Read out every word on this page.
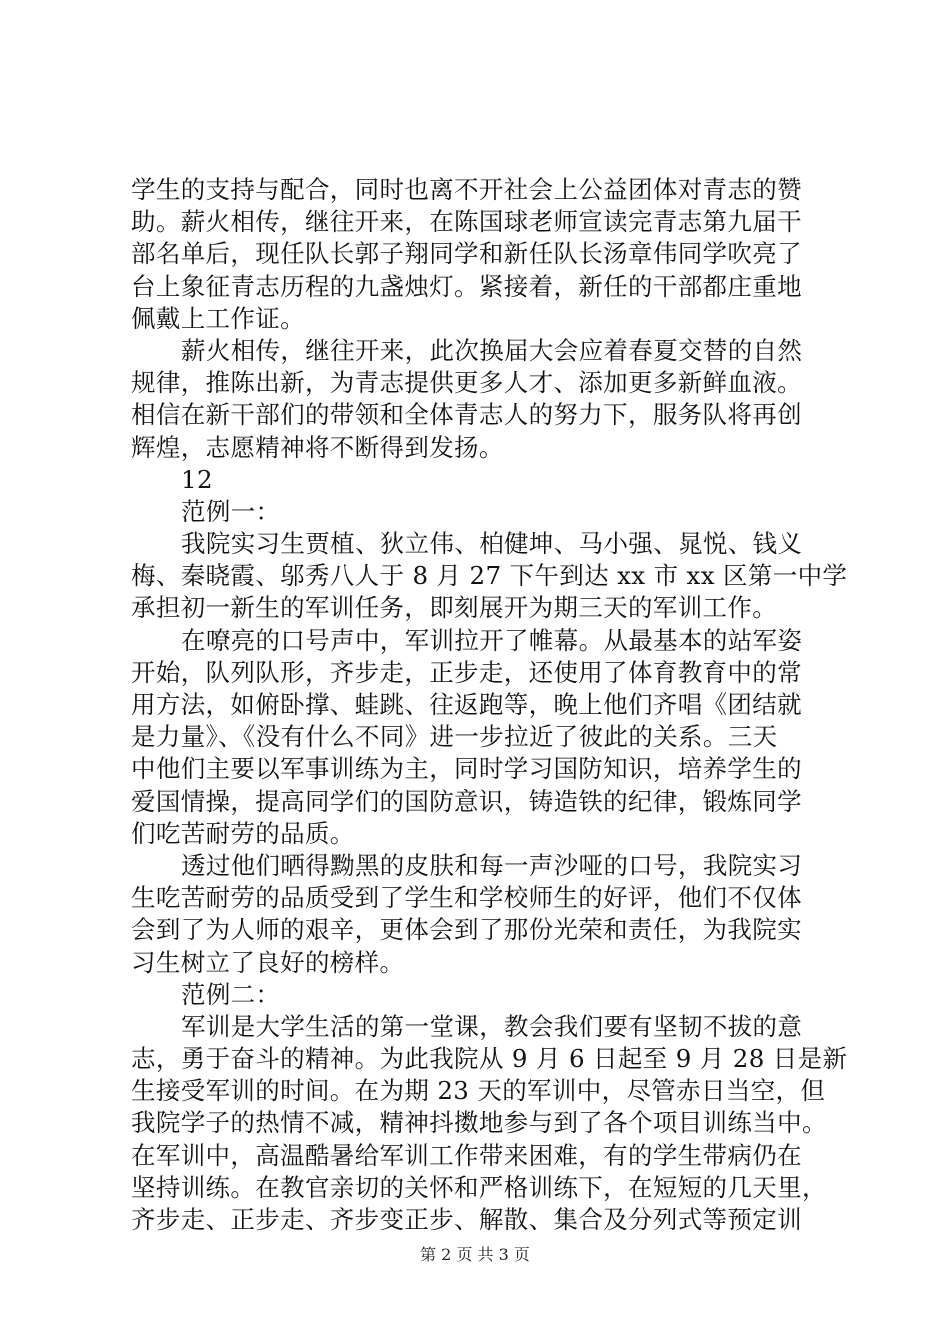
学生的支持与配合，同时也离不开社会上公益团体对青志的赞
助。薪火相传，继往开来，在陈国球老师宣读完青志第九届干
部名单后，现任队长郭子翔同学和新任队长汤章伟同学吹亮了
台上象征青志历程的九盏烛灯。紧接着，新任的干部都庄重地
佩戴上工作证。
薪火相传，继往开来，此次换届大会应着春夏交替的自然
规律，推陈出新，为青志提供更多人才、添加更多新鲜血液。
相信在新干部们的带领和全体青志人的努力下，服务队将再创
辉煌，志愿精神将不断得到发扬。
12
范例一：
我院实习生贾植、狄立伟、柏健坤、马小强、晁悦、钱义
梅、秦晓霞、邬秀八人于 8 月 27 下午到达 xx 市 xx 区第一中学
承担初一新生的军训任务，即刻展开为期三天的军训工作。
在嘹亮的口号声中，军训拉开了帷幕。从最基本的站军姿
开始，队列队形，齐步走，正步走，还使用了体育教育中的常
用方法，如俯卧撑、蛙跳、往返跑等，晚上他们齐唱《团结就
是力量》、《没有什么不同》进一步拉近了彼此的关系。三天
中他们主要以军事训练为主，同时学习国防知识，培养学生的
爱国情操，提高同学们的国防意识，铸造铁的纪律，锻炼同学
们吃苦耐劳的品质。
透过他们晒得黝黑的皮肤和每一声沙哑的口号，我院实习
生吃苦耐劳的品质受到了学生和学校师生的好评，他们不仅体
会到了为人师的艰辛，更体会到了那份光荣和责任，为我院实
习生树立了良好的榜样。
范例二：
军训是大学生活的第一堂课，教会我们要有坚韧不拔的意
志，勇于奋斗的精神。为此我院从 9 月 6 日起至 9 月 28 日是新
生接受军训的时间。在为期 23 天的军训中，尽管赤日当空，但
我院学子的热情不减，精神抖擞地参与到了各个项目训练当中。
在军训中，高温酷暑给军训工作带来困难，有的学生带病仍在
坚持训练。在教官亲切的关怀和严格训练下，在短短的几天里，
齐步走、正步走、齐步变正步、解散、集合及分列式等预定训
第 2 页 共 3 页
